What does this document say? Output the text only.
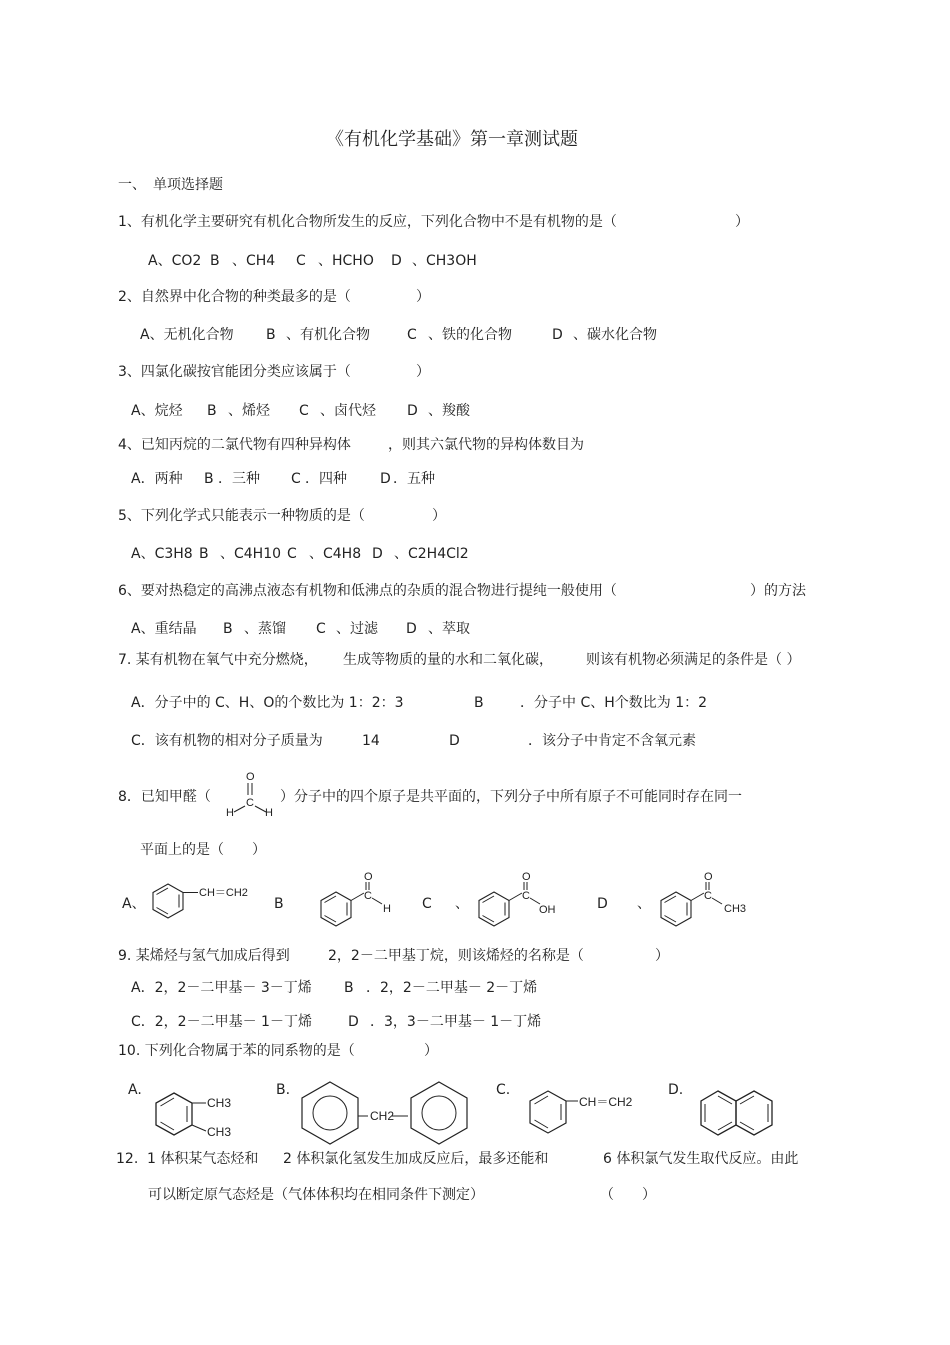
《有机化学基础》第一章测试题
一、 单项选择题
1、有机化学主要研究有机化合物所发生的反应，下列化合物中不是有机物的是（	）
A、CO2 B 、CH4 C 、HCHO D 、CH3OH
2、自然界中化合物的种类最多的是（	）
A、无机化合物 B 、有机化合物	C 、铁的化合物	D 、碳水化合物
3、四氯化碳按官能团分类应该属于（	）
A、烷烃 B 、烯烃 C 、卤代烃 D 、羧酸
4、已知丙烷的二氯代物有四种异构体	，则其六氯代物的异构体数目为
A．两种 B ．三种 C ．四种 D ．五种
5、下列化学式只能表示一种物质的是（	）
A、C3H8 B 、C4H10 C 、C4H8 D 、C2H4Cl2
6、要对热稳定的高沸点液态有机物和低沸点的杂质的混合物进行提纯一般使用（	）的方法
A、重结晶 B 、蒸馏 C 、过滤 D 、萃取
7. 某有机物在氧气中充分燃烧， 生成等物质的量的水和二氧化碳， 则该有机物必须满足的条件是（ ）
A．分子中的 C、H、O的个数比为 1：2：3	B	．分子中 C、H个数比为 1：2
C．该有机物的相对分子质量为	14	D	．该分子中肯定不含氧元素
8．已知甲醛（
O
C
H	H
）分子中的四个原子是共平面的，下列分子中所有原子不可能同时存在同一
平面上的是（　　）
A、
CH＝CH2
B
O
C
H C 、
O
C
OH	D 、
O
C
CH3
9. 某烯烃与氢气加成后得到	2，2－二甲基丁烷，则该烯烃的名称是（	）
A．2，2－二甲基－ 3－丁烯 B ．2，2－二甲基－ 2－丁烯
C．2，2－二甲基－ 1－丁烯	D ．3，3－二甲基－ 1－丁烯
10. 下列化合物属于苯的同系物的是（	）
A.
CH3
CH3
B.
CH2
C.
CH＝CH2
D.
12. 1 体积某气态烃和 2 体积氯化氢发生加成反应后，最多还能和	6 体积氯气发生取代反应。由此
可以断定原气态烃是（气体体积均在相同条件下测定）	（　　）
